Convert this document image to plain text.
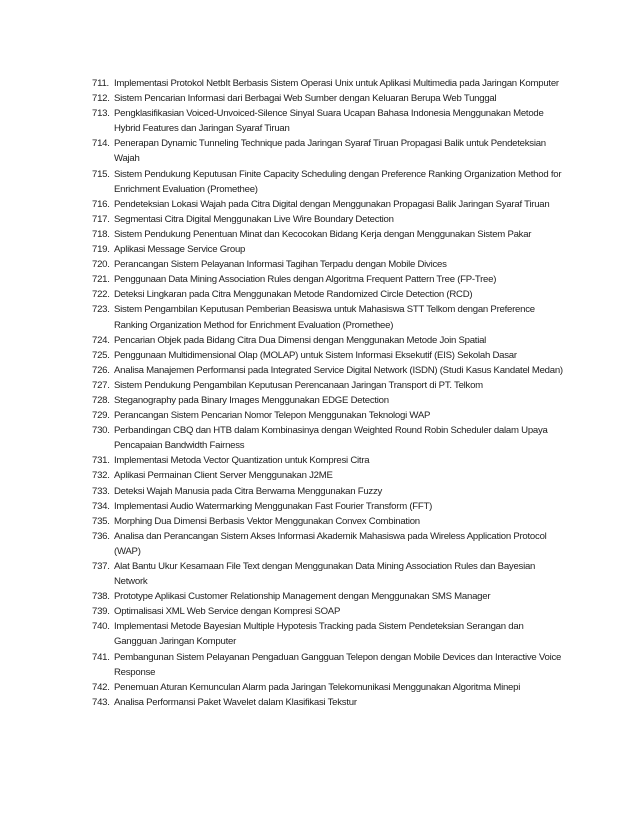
711. Implementasi Protokol NetbIt Berbasis Sistem Operasi Unix untuk Aplikasi Multimedia pada Jaringan Komputer
712. Sistem Pencarian Informasi dari Berbagai Web Sumber dengan Keluaran Berupa Web Tunggal
713. Pengklasifikasian Voiced-Unvoiced-Silence Sinyal Suara Ucapan Bahasa Indonesia Menggunakan Metode Hybrid Features dan Jaringan Syaraf Tiruan
714. Penerapan Dynamic Tunneling Technique pada Jaringan Syaraf Tiruan Propagasi Balik untuk Pendeteksian Wajah
715. Sistem Pendukung Keputusan Finite Capacity Scheduling dengan Preference Ranking Organization Method for Enrichment Evaluation (Promethee)
716. Pendeteksian Lokasi Wajah pada Citra Digital dengan Menggunakan Propagasi Balik Jaringan Syaraf Tiruan
717. Segmentasi Citra Digital Menggunakan Live Wire Boundary Detection
718. Sistem Pendukung Penentuan Minat dan Kecocokan Bidang Kerja dengan Menggunakan Sistem Pakar
719. Aplikasi Message Service Group
720. Perancangan Sistem Pelayanan Informasi Tagihan Terpadu dengan Mobile Divices
721. Penggunaan Data Mining Association Rules dengan Algoritma Frequent Pattern Tree (FP-Tree)
722. Deteksi Lingkaran pada Citra Menggunakan Metode Randomized Circle Detection (RCD)
723. Sistem Pengambilan Keputusan Pemberian Beasiswa untuk Mahasiswa STT Telkom dengan Preference Ranking Organization Method for Enrichment Evaluation (Promethee)
724. Pencarian Objek pada Bidang Citra Dua Dimensi dengan Menggunakan Metode Join Spatial
725. Penggunaan Multidimensional Olap (MOLAP) untuk Sistem Informasi Eksekutif (EIS) Sekolah Dasar
726. Analisa Manajemen Performansi pada Integrated Service Digital Network (ISDN) (Studi Kasus Kandatel Medan)
727. Sistem Pendukung Pengambilan Keputusan Perencanaan Jaringan Transport di PT. Telkom
728. Steganography pada Binary Images Menggunakan EDGE Detection
729. Perancangan Sistem Pencarian Nomor Telepon Menggunakan Teknologi WAP
730. Perbandingan CBQ dan HTB dalam Kombinasinya dengan Weighted Round Robin Scheduler dalam Upaya Pencapaian Bandwidth Fairness
731. Implementasi Metoda Vector Quantization untuk Kompresi Citra
732. Aplikasi Permainan Client Server Menggunakan J2ME
733. Deteksi Wajah Manusia pada Citra Berwarna Menggunakan Fuzzy
734. Implementasi Audio Watermarking Menggunakan Fast Fourier Transform (FFT)
735. Morphing Dua Dimensi Berbasis Vektor Menggunakan Convex Combination
736. Analisa dan Perancangan Sistem Akses Informasi Akademik Mahasiswa pada Wireless Application Protocol (WAP)
737. Alat Bantu Ukur Kesamaan File Text dengan Menggunakan Data Mining Association Rules dan Bayesian Network
738. Prototype Aplikasi Customer Relationship Management dengan Menggunakan SMS Manager
739. Optimalisasi XML Web Service dengan Kompresi SOAP
740. Implementasi Metode Bayesian Multiple Hypotesis Tracking pada Sistem Pendeteksian Serangan dan Gangguan Jaringan Komputer
741. Pembangunan Sistem Pelayanan Pengaduan Gangguan Telepon dengan Mobile Devices dan Interactive Voice Response
742. Penemuan Aturan Kemunculan Alarm pada Jaringan Telekomunikasi Menggunakan Algoritma Minepi
743. Analisa Performansi Paket Wavelet dalam Klasifikasi Tekstur
